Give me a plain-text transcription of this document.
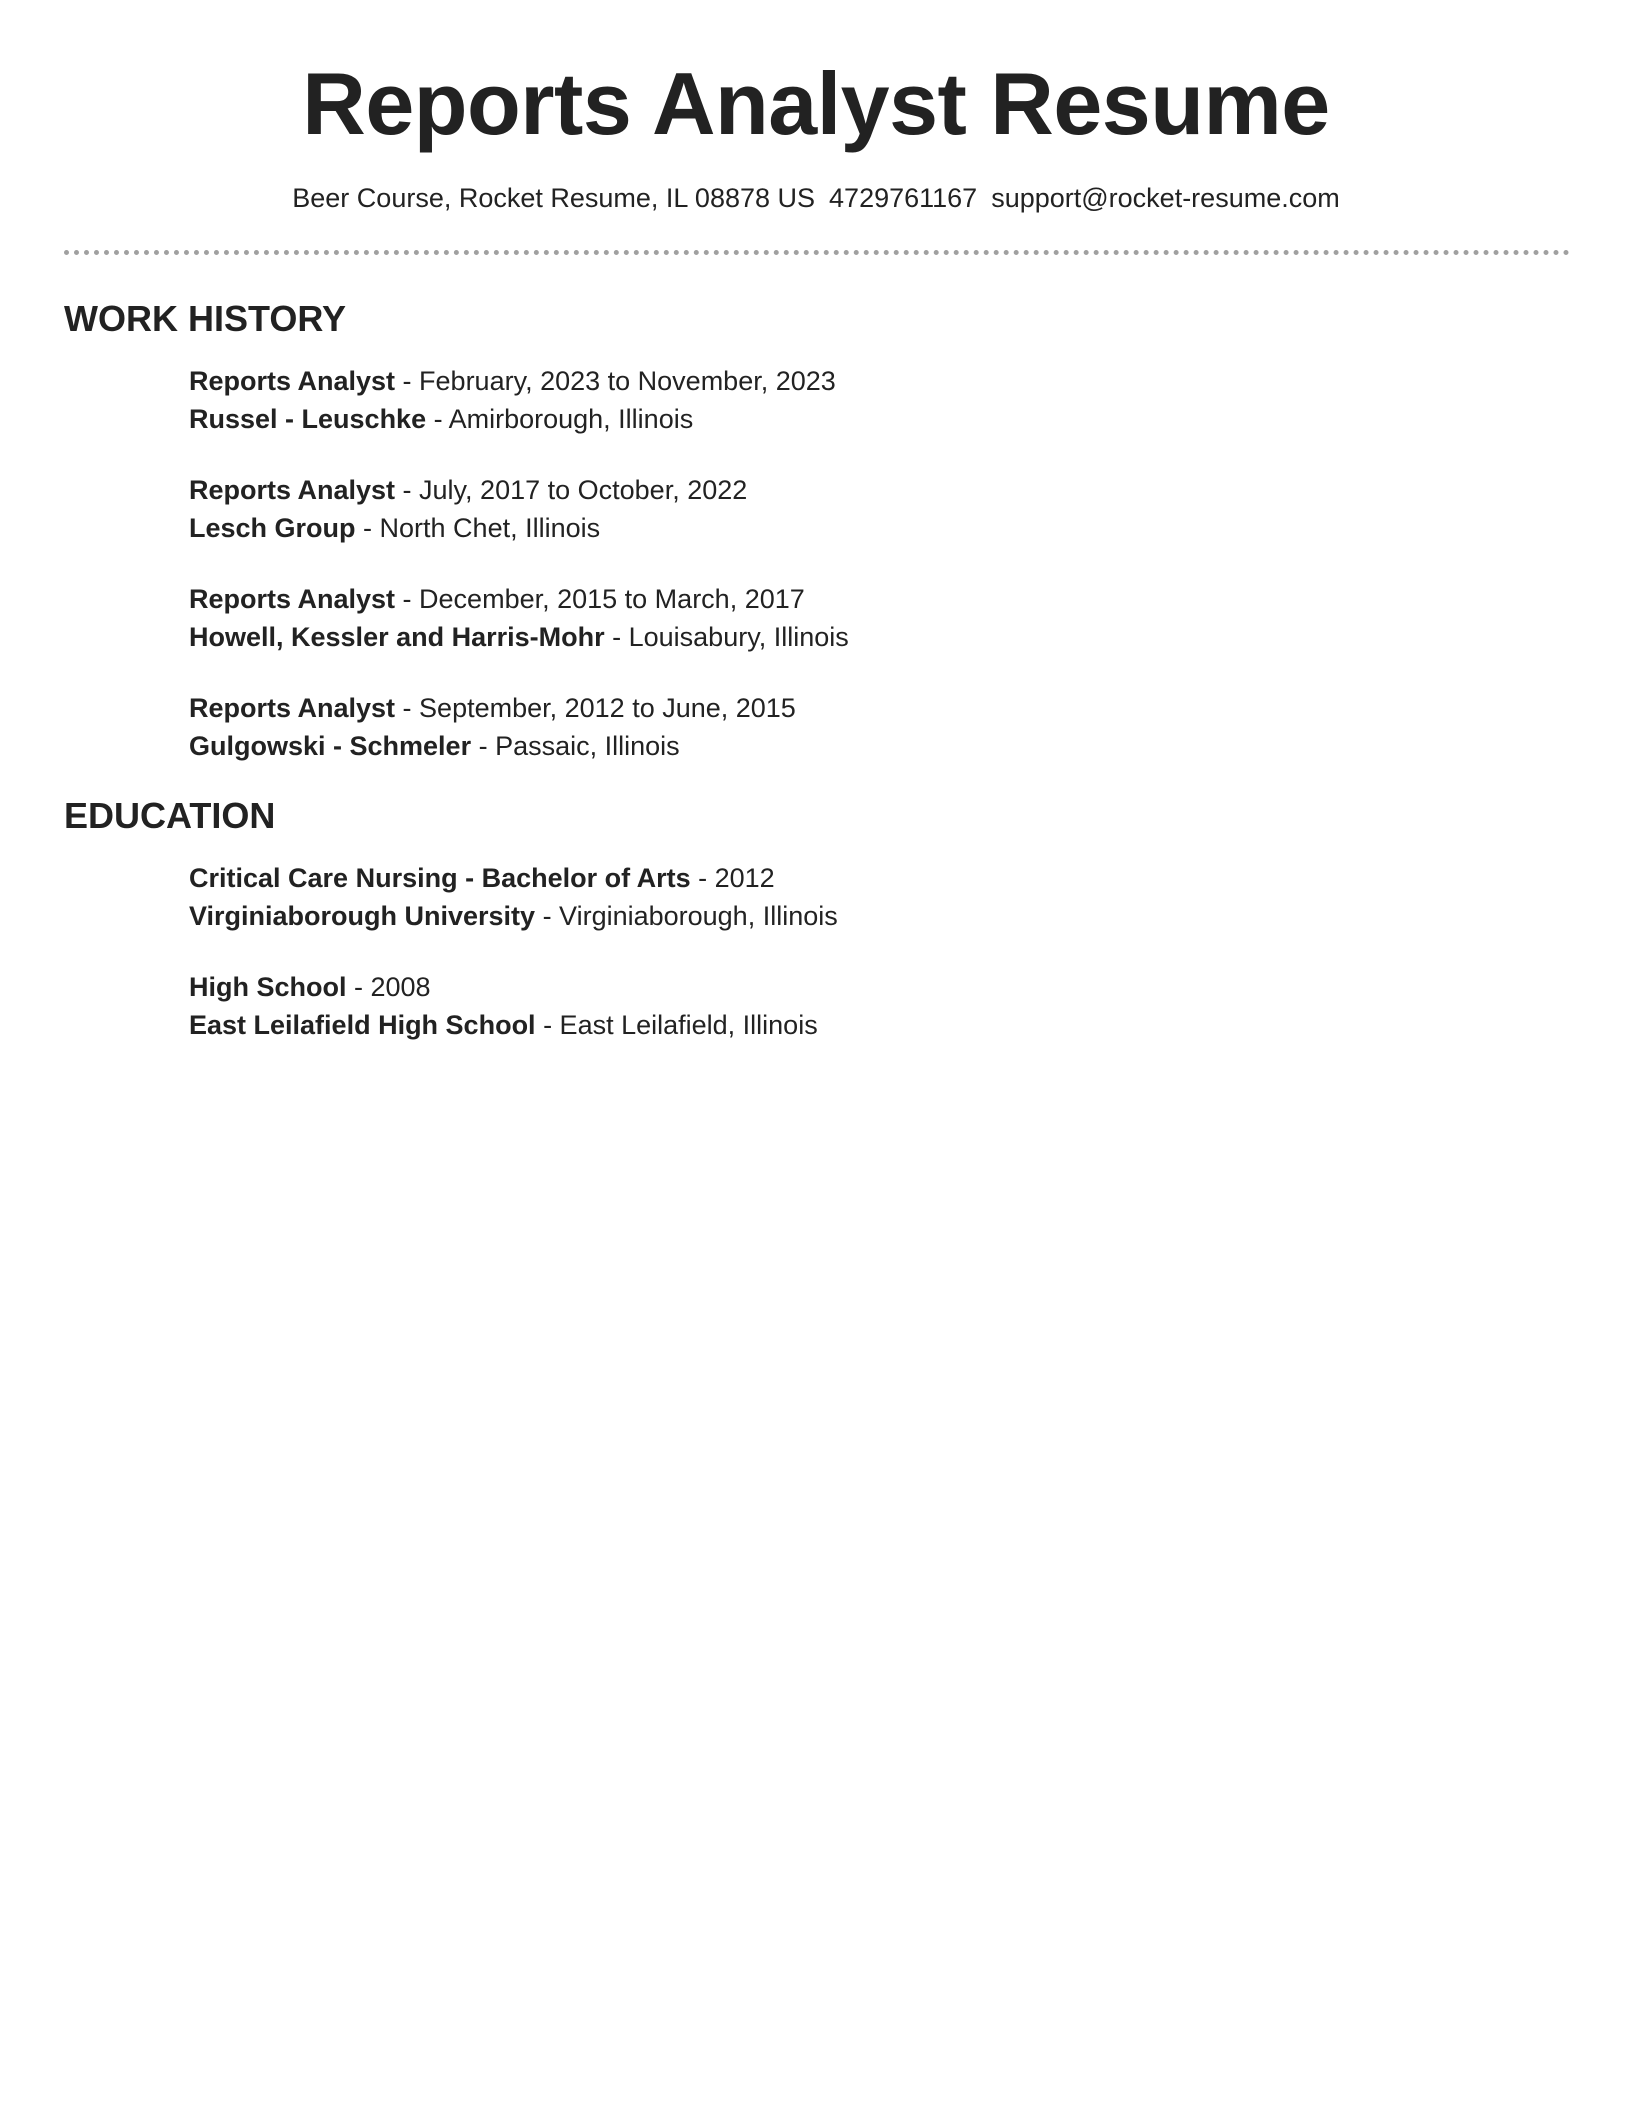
Reports Analyst Resume
Beer Course, Rocket Resume, IL 08878 US 4729761167 support@rocket-resume.com
WORK HISTORY
Reports Analyst - February, 2023 to November, 2023
Russel - Leuschke - Amirborough, Illinois
Reports Analyst - July, 2017 to October, 2022
Lesch Group - North Chet, Illinois
Reports Analyst - December, 2015 to March, 2017
Howell, Kessler and Harris-Mohr - Louisabury, Illinois
Reports Analyst - September, 2012 to June, 2015
Gulgowski - Schmeler - Passaic, Illinois
EDUCATION
Critical Care Nursing - Bachelor of Arts - 2012
Virginiaborough University - Virginiaborough, Illinois
High School - 2008
East Leilafield High School - East Leilafield, Illinois
